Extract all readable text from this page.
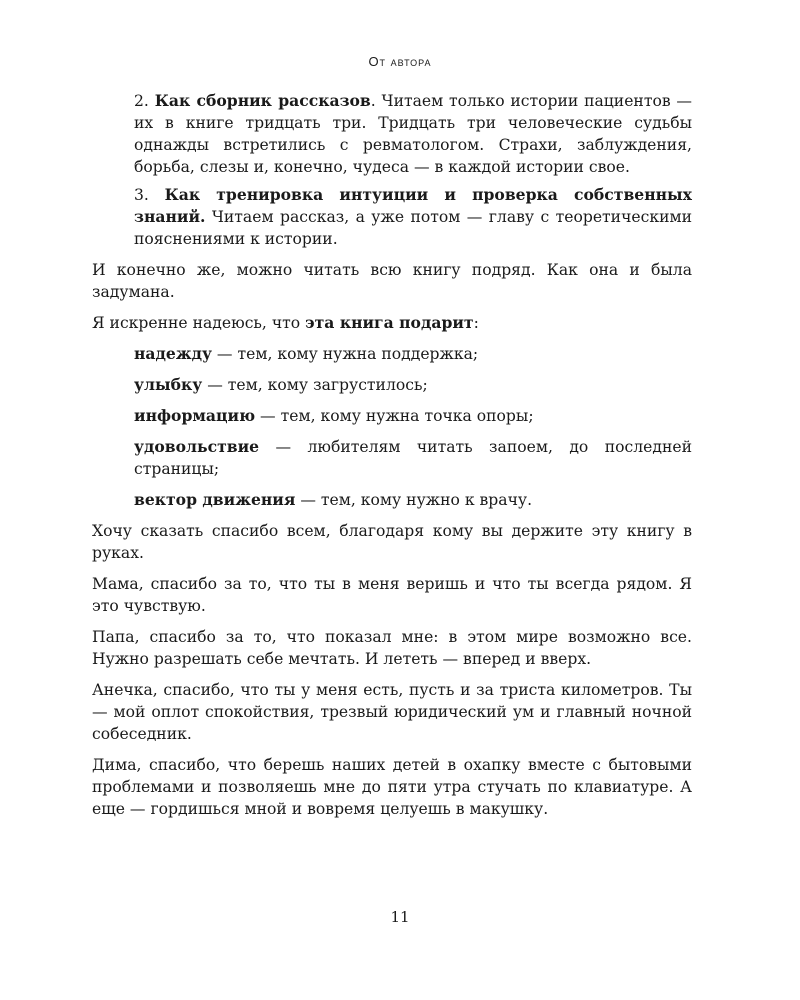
От автора

2. Как сборник рассказов. Читаем только истории пациентов — их в книге тридцать три. Тридцать три человеческие судьбы однажды встретились с ревматологом. Страхи, заблуждения, борьба, слезы и, конечно, чудеса — в каждой истории свое.

3. Как тренировка интуиции и проверка собственных знаний. Читаем рассказ, а уже потом — главу с теоретическими пояснениями к истории.

И конечно же, можно читать всю книгу подряд. Как она и была задумана.

Я искренне надеюсь, что эта книга подарит:

надежду — тем, кому нужна поддержка;

улыбку — тем, кому загрустилось;

информацию — тем, кому нужна точка опоры;

удовольствие — любителям читать запоем, до последней страницы;

вектор движения — тем, кому нужно к врачу.

Хочу сказать спасибо всем, благодаря кому вы держите эту книгу в руках.

Мама, спасибо за то, что ты в меня веришь и что ты всегда рядом. Я это чувствую.

Папа, спасибо за то, что показал мне: в этом мире возможно все. Нужно разрешать себе мечтать. И лететь — вперед и вверх.

Анечка, спасибо, что ты у меня есть, пусть и за триста километров. Ты — мой оплот спокойствия, трезвый юридический ум и главный ночной собеседник.

Дима, спасибо, что берешь наших детей в охапку вместе с бытовыми проблемами и позволяешь мне до пяти утра стучать по клавиатуре. А еще — гордишься мной и вовремя целуешь в макушку.

11
